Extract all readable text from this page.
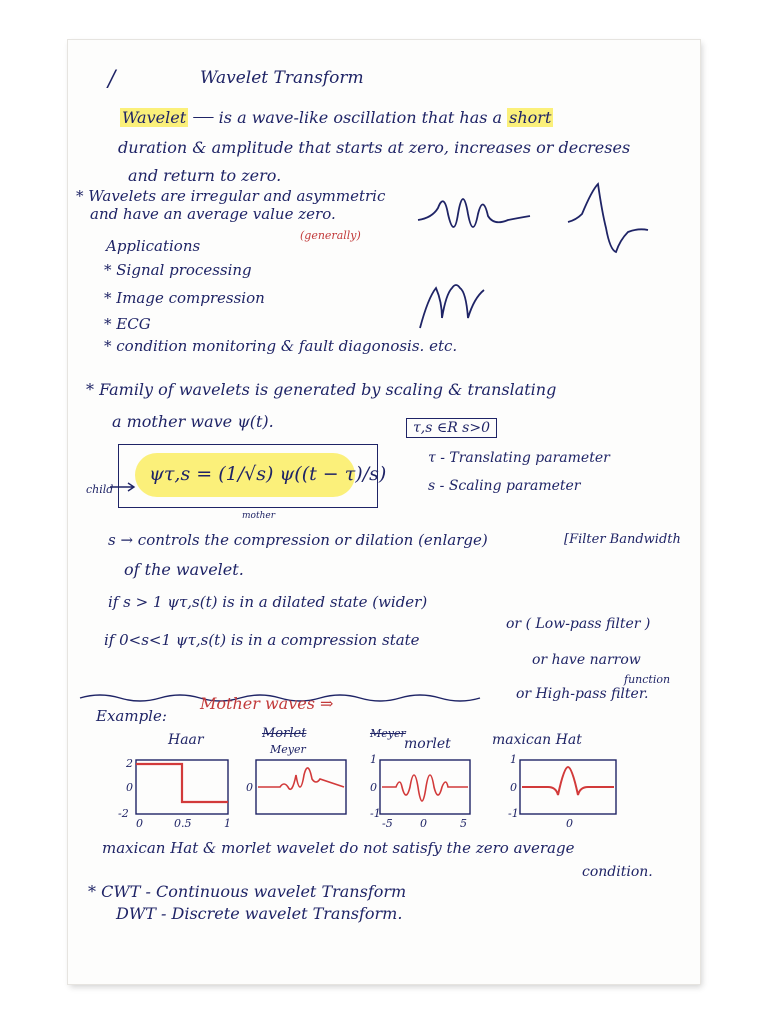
/	Wavelet Transform
Wavelet is a wave-like oscillation that has a short
duration & amplitude that starts at zero, increases or decreses
and return to zero.
* Wavelets are irregular and asymmetric
and have an average value zero.
(generally)
Applications
* Signal processing
* Image compression
* ECG
* condition monitoring & fault diagonosis. etc.
* Family of wavelets is generated by scaling & translating
a mother wave ψ(t).	τ,s ∈R s>0
τ - Translating parameter
s - Scaling parameter
child
ψτ,s = (1/√s) ψ((t − τ)/s)
mother
s → controls the compression or dilation (enlarge)	[Filter Bandwidth
of the wavelet.
if s > 1 ψτ,s(t) is in a dilated state (wider)
or ( Low-pass filter )
if 0<s<1 ψτ,s(t) is in a compression state
or have narrow
function
or High-pass filter.
Example:
Mother waves ⇒
Haar	Morlet
Meyer
Meyer
morlet	maxican Hat
2
0
-2
0	0.5	1
0
1
0
-1
-5 0	5
1
0
-1
0
maxican Hat & morlet wavelet do not satisfy the zero average
condition.
* CWT - Continuous wavelet Transform
DWT - Discrete wavelet Transform.
